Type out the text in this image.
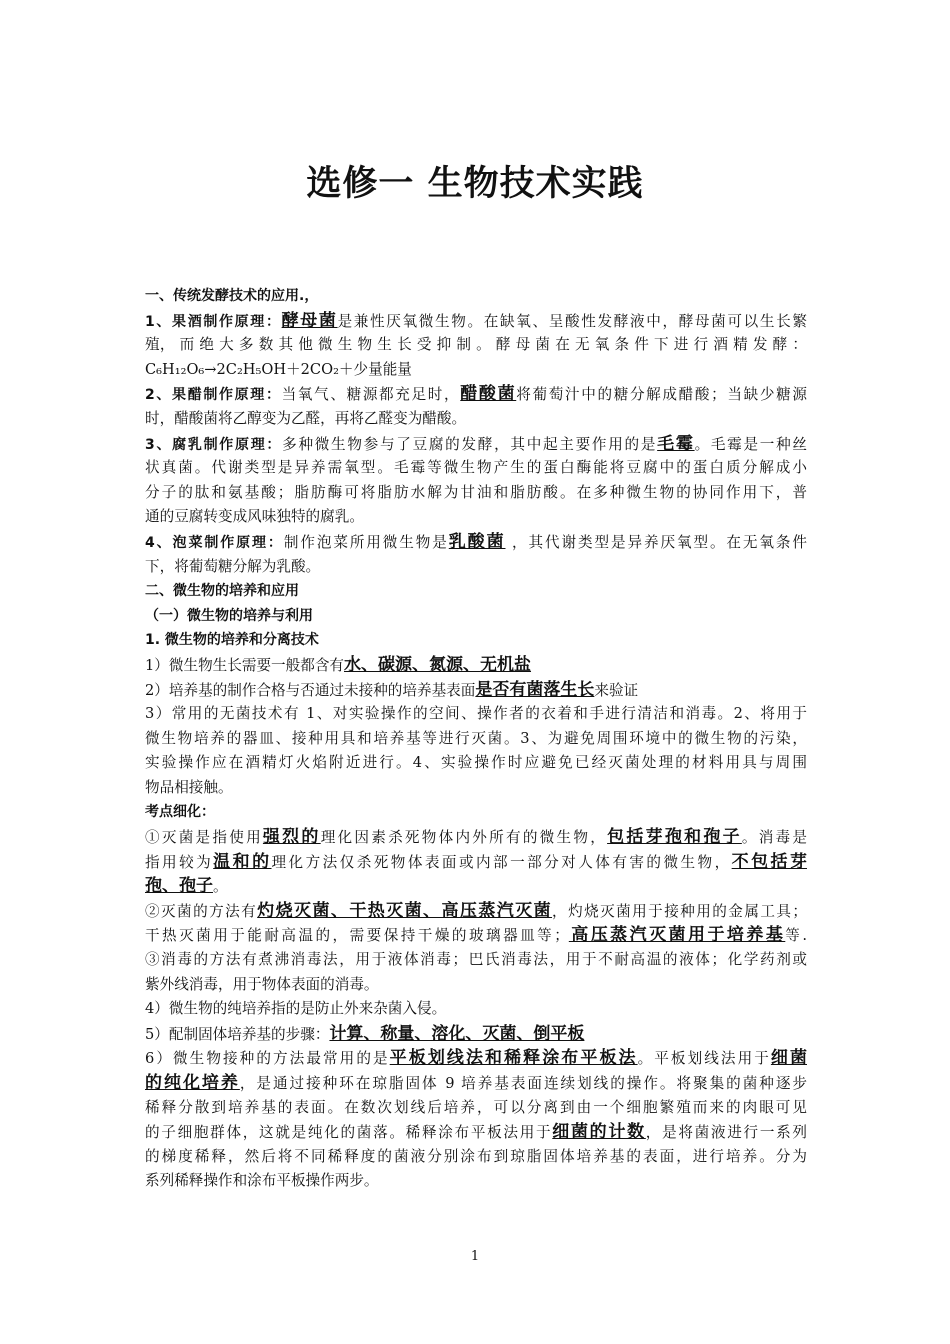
选修一 生物技术实践
一、传统发酵技术的应用.，
1、果酒制作原理：酵母菌是兼性厌氧微生物。在缺氧、呈酸性发酵液中，酵母菌可以生长繁
殖， 而 绝 大 多 数 其 他 微 生 物 生 长 受 抑 制 。 酵 母 菌 在 无 氧 条 件 下 进 行 酒 精 发 酵 ：
C₆H₁₂O₆→2C₂H₅OH＋2CO₂＋少量能量
2、果醋制作原理：当氧气、糖源都充足时，醋酸菌将葡萄汁中的糖分解成醋酸；当缺少糖源
时，醋酸菌将乙醇变为乙醛，再将乙醛变为醋酸。
3、腐乳制作原理：多种微生物参与了豆腐的发酵，其中起主要作用的是毛霉。毛霉是一种丝
状真菌。代谢类型是异养需氧型。毛霉等微生物产生的蛋白酶能将豆腐中的蛋白质分解成小
分子的肽和氨基酸；脂肪酶可将脂肪水解为甘油和脂肪酸。在多种微生物的协同作用下，普
通的豆腐转变成风味独特的腐乳。
4、泡菜制作原理：制作泡菜所用微生物是乳酸菌 ，其代谢类型是异养厌氧型。在无氧条件
下，将葡萄糖分解为乳酸。
二、微生物的培养和应用
（一）微生物的培养与利用
1. 微生物的培养和分离技术
1）微生物生长需要一般都含有水、碳源、氮源、无机盐
2）培养基的制作合格与否通过未接种的培养基表面是否有菌落生长来验证
3）常用的无菌技术有 1、对实验操作的空间、操作者的衣着和手进行清洁和消毒。2、将用于
微生物培养的器皿、接种用具和培养基等进行灭菌。3、为避免周围环境中的微生物的污染，
实验操作应在酒精灯火焰附近进行。4、实验操作时应避免已经灭菌处理的材料用具与周围
物品相接触。
考点细化：
①灭菌是指使用强烈的理化因素杀死物体内外所有的微生物，包括芽孢和孢子。消毒是
指用较为温和的理化方法仅杀死物体表面或内部一部分对人体有害的微生物，不包括芽
孢、孢子。
②灭菌的方法有灼烧灭菌、干热灭菌、高压蒸汽灭菌，灼烧灭菌用于接种用的金属工具；
干热灭菌用于能耐高温的，需要保持干燥的玻璃器皿等；高压蒸汽灭菌用于培养基等.
③消毒的方法有煮沸消毒法，用于液体消毒；巴氏消毒法，用于不耐高温的液体；化学药剂或
紫外线消毒，用于物体表面的消毒。
4）微生物的纯培养指的是防止外来杂菌入侵。
5）配制固体培养基的步骤：计算、称量、溶化、灭菌、倒平板
6）微生物接种的方法最常用的是平板划线法和稀释涂布平板法。平板划线法用于细菌
的纯化培养，是通过接种环在琼脂固体 9 培养基表面连续划线的操作。将聚集的菌种逐步
稀释分散到培养基的表面。在数次划线后培养，可以分离到由一个细胞繁殖而来的肉眼可见
的子细胞群体，这就是纯化的菌落。稀释涂布平板法用于细菌的计数，是将菌液进行一系列
的梯度稀释，然后将不同稀释度的菌液分别涂布到琼脂固体培养基的表面，进行培养。分为
系列稀释操作和涂布平板操作两步。
1
